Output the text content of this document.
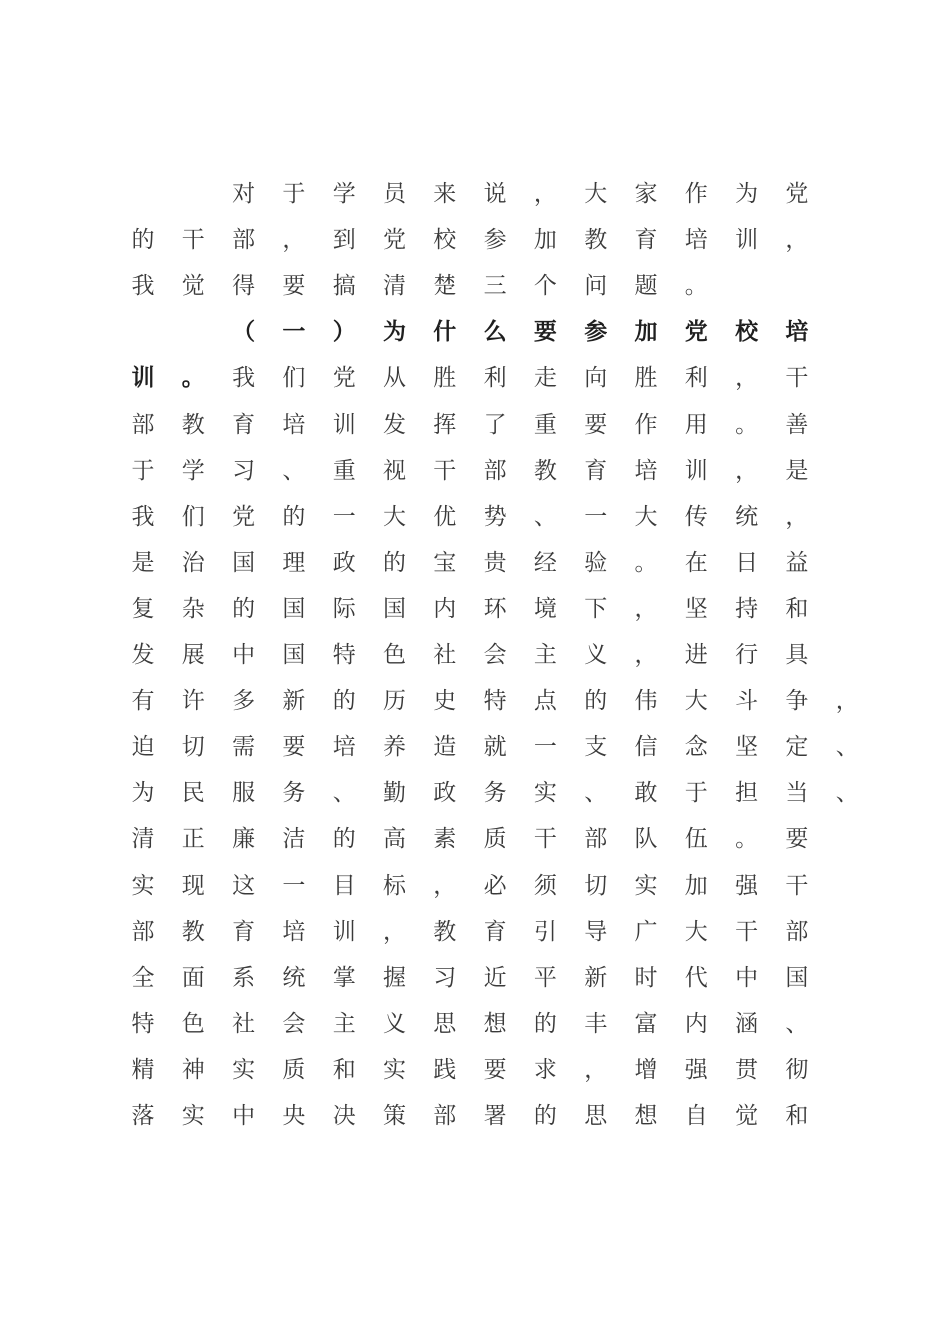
对 于 学 员 来 说 ， 大 家 作 为 党
的 干 部 ， 到 党 校 参 加 教 育 培 训 ，
我 觉 得 要 搞 清 楚 三 个 问 题 。
（ 一 ） 为 什 么 要 参 加 党 校 培
训 。 我 们 党 从 胜 利 走 向 胜 利 ， 干
部 教 育 培 训 发 挥 了 重 要 作 用 。 善
于 学 习 、 重 视 干 部 教 育 培 训 ， 是
我 们 党 的 一 大 优 势 、 一 大 传 统 ，
是 治 国 理 政 的 宝 贵 经 验 。 在 日 益
复 杂 的 国 际 国 内 环 境 下 ， 坚 持 和
发 展 中 国 特 色 社 会 主 义 ， 进 行 具
有 许 多 新 的 历 史 特 点 的 伟 大 斗 争 ，
迫 切 需 要 培 养 造 就 一 支 信 念 坚 定 、
为 民 服 务 、 勤 政 务 实 、 敢 于 担 当 、
清 正 廉 洁 的 高 素 质 干 部 队 伍 。 要
实 现 这 一 目 标 ， 必 须 切 实 加 强 干
部 教 育 培 训 ， 教 育 引 导 广 大 干 部
全 面 系 统 掌 握 习 近 平 新 时 代 中 国
特 色 社 会 主 义 思 想 的 丰 富 内 涵 、
精 神 实 质 和 实 践 要 求 ， 增 强 贯 彻
落 实 中 央 决 策 部 署 的 思 想 自 觉 和
